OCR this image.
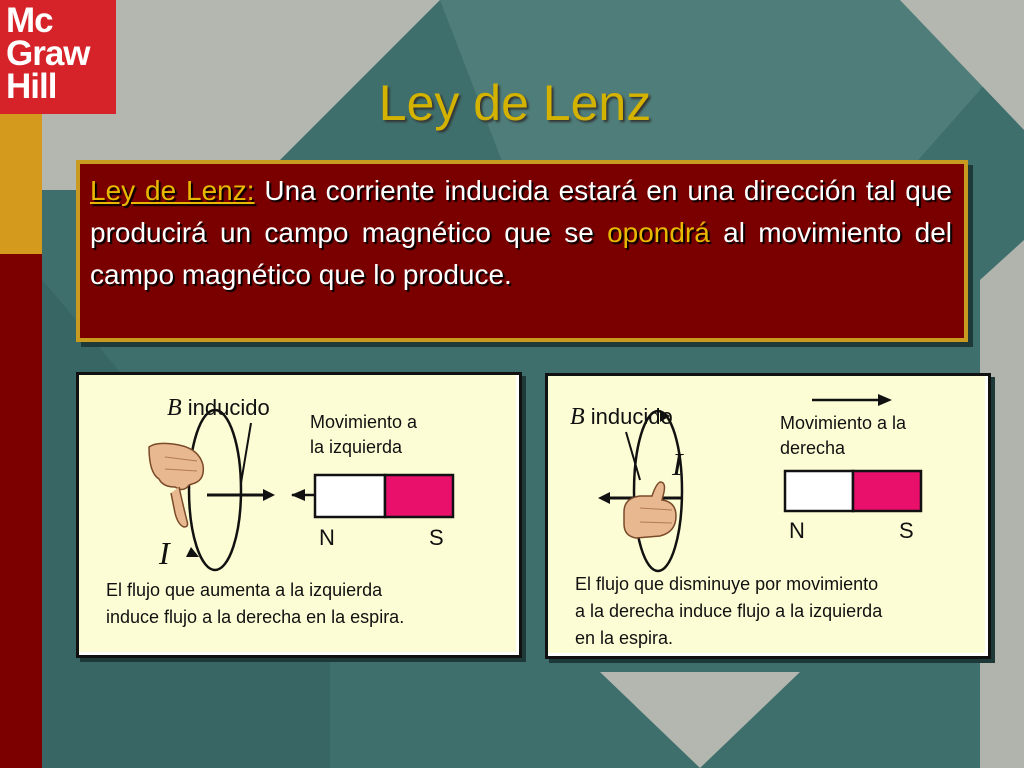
Mc
Graw
Hill	Ley de Lenz
Ley de Lenz: Una corriente inducida estará en una dirección tal que producirá un campo magnético que se opondrá al movimiento del campo magnético que lo produce.
B inducido
Movimiento a
la izquierda
N	S
I
El flujo que aumenta a la izquierda
induce flujo a la derecha en la espira.
B inducido	Movimiento a la
derecha
N	S
I
El flujo que disminuye por movimiento
a la derecha induce flujo a la izquierda
en la espira.
